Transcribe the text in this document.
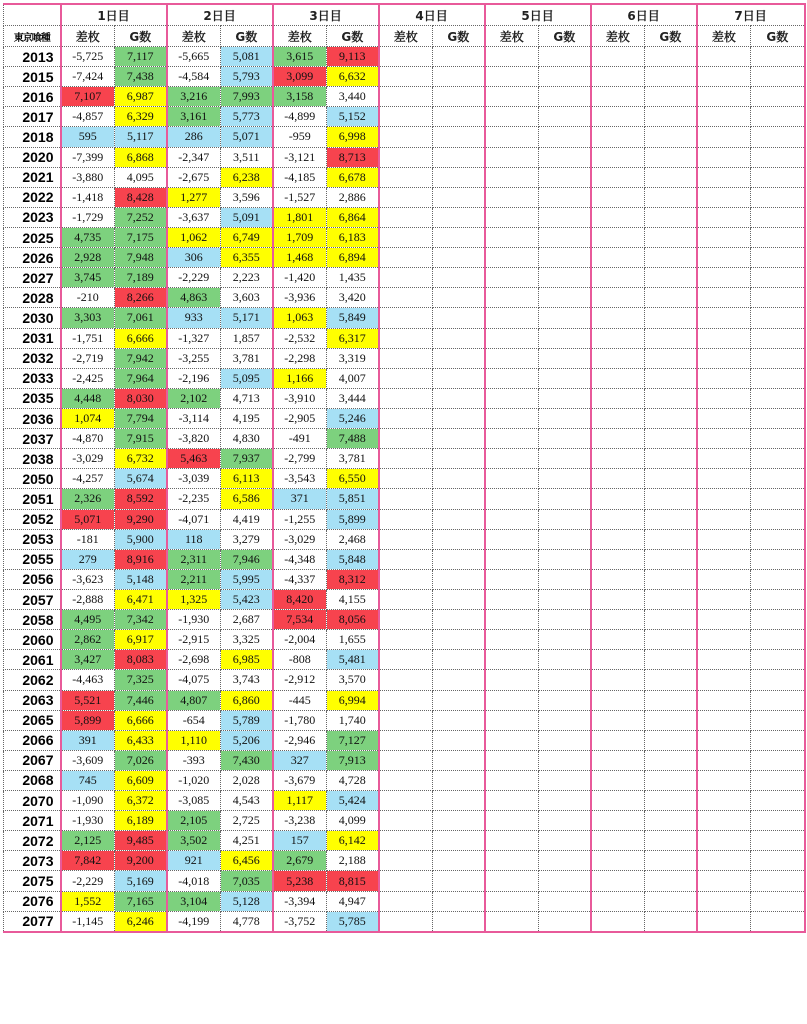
	1日目		2日目		3日目		4日目		5日目		6日目		7日目	
東京喰種	差枚	G数	差枚	G数	差枚	G数	差枚	G数	差枚	G数	差枚	G数	差枚	G数
2013	-5,725	7,117	-5,665	5,081	3,615	9,113								
2015	-7,424	7,438	-4,584	5,793	3,099	6,632								
2016	7,107	6,987	3,216	7,993	3,158	3,440								
2017	-4,857	6,329	3,161	5,773	-4,899	5,152								
2018	595	5,117	286	5,071	-959	6,998								
2020	-7,399	6,868	-2,347	3,511	-3,121	8,713								
2021	-3,880	4,095	-2,675	6,238	-4,185	6,678								
2022	-1,418	8,428	1,277	3,596	-1,527	2,886								
2023	-1,729	7,252	-3,637	5,091	1,801	6,864								
2025	4,735	7,175	1,062	6,749	1,709	6,183								
2026	2,928	7,948	306	6,355	1,468	6,894								
2027	3,745	7,189	-2,229	2,223	-1,420	1,435								
2028	-210	8,266	4,863	3,603	-3,936	3,420								
2030	3,303	7,061	933	5,171	1,063	5,849								
2031	-1,751	6,666	-1,327	1,857	-2,532	6,317								
2032	-2,719	7,942	-3,255	3,781	-2,298	3,319								
2033	-2,425	7,964	-2,196	5,095	1,166	4,007								
2035	4,448	8,030	2,102	4,713	-3,910	3,444								
2036	1,074	7,794	-3,114	4,195	-2,905	5,246								
2037	-4,870	7,915	-3,820	4,830	-491	7,488								
2038	-3,029	6,732	5,463	7,937	-2,799	3,781								
2050	-4,257	5,674	-3,039	6,113	-3,543	6,550								
2051	2,326	8,592	-2,235	6,586	371	5,851								
2052	5,071	9,290	-4,071	4,419	-1,255	5,899								
2053	-181	5,900	118	3,279	-3,029	2,468								
2055	279	8,916	2,311	7,946	-4,348	5,848								
2056	-3,623	5,148	2,211	5,995	-4,337	8,312								
2057	-2,888	6,471	1,325	5,423	8,420	4,155								
2058	4,495	7,342	-1,930	2,687	7,534	8,056								
2060	2,862	6,917	-2,915	3,325	-2,004	1,655								
2061	3,427	8,083	-2,698	6,985	-808	5,481								
2062	-4,463	7,325	-4,075	3,743	-2,912	3,570								
2063	5,521	7,446	4,807	6,860	-445	6,994								
2065	5,899	6,666	-654	5,789	-1,780	1,740								
2066	391	6,433	1,110	5,206	-2,946	7,127								
2067	-3,609	7,026	-393	7,430	327	7,913								
2068	745	6,609	-1,020	2,028	-3,679	4,728								
2070	-1,090	6,372	-3,085	4,543	1,117	5,424								
2071	-1,930	6,189	2,105	2,725	-3,238	4,099								
2072	2,125	9,485	3,502	4,251	157	6,142								
2073	7,842	9,200	921	6,456	2,679	2,188								
2075	-2,229	5,169	-4,018	7,035	5,238	8,815								
2076	1,552	7,165	3,104	5,128	-3,394	4,947								
2077	-1,145	6,246	-4,199	4,778	-3,752	5,785								
